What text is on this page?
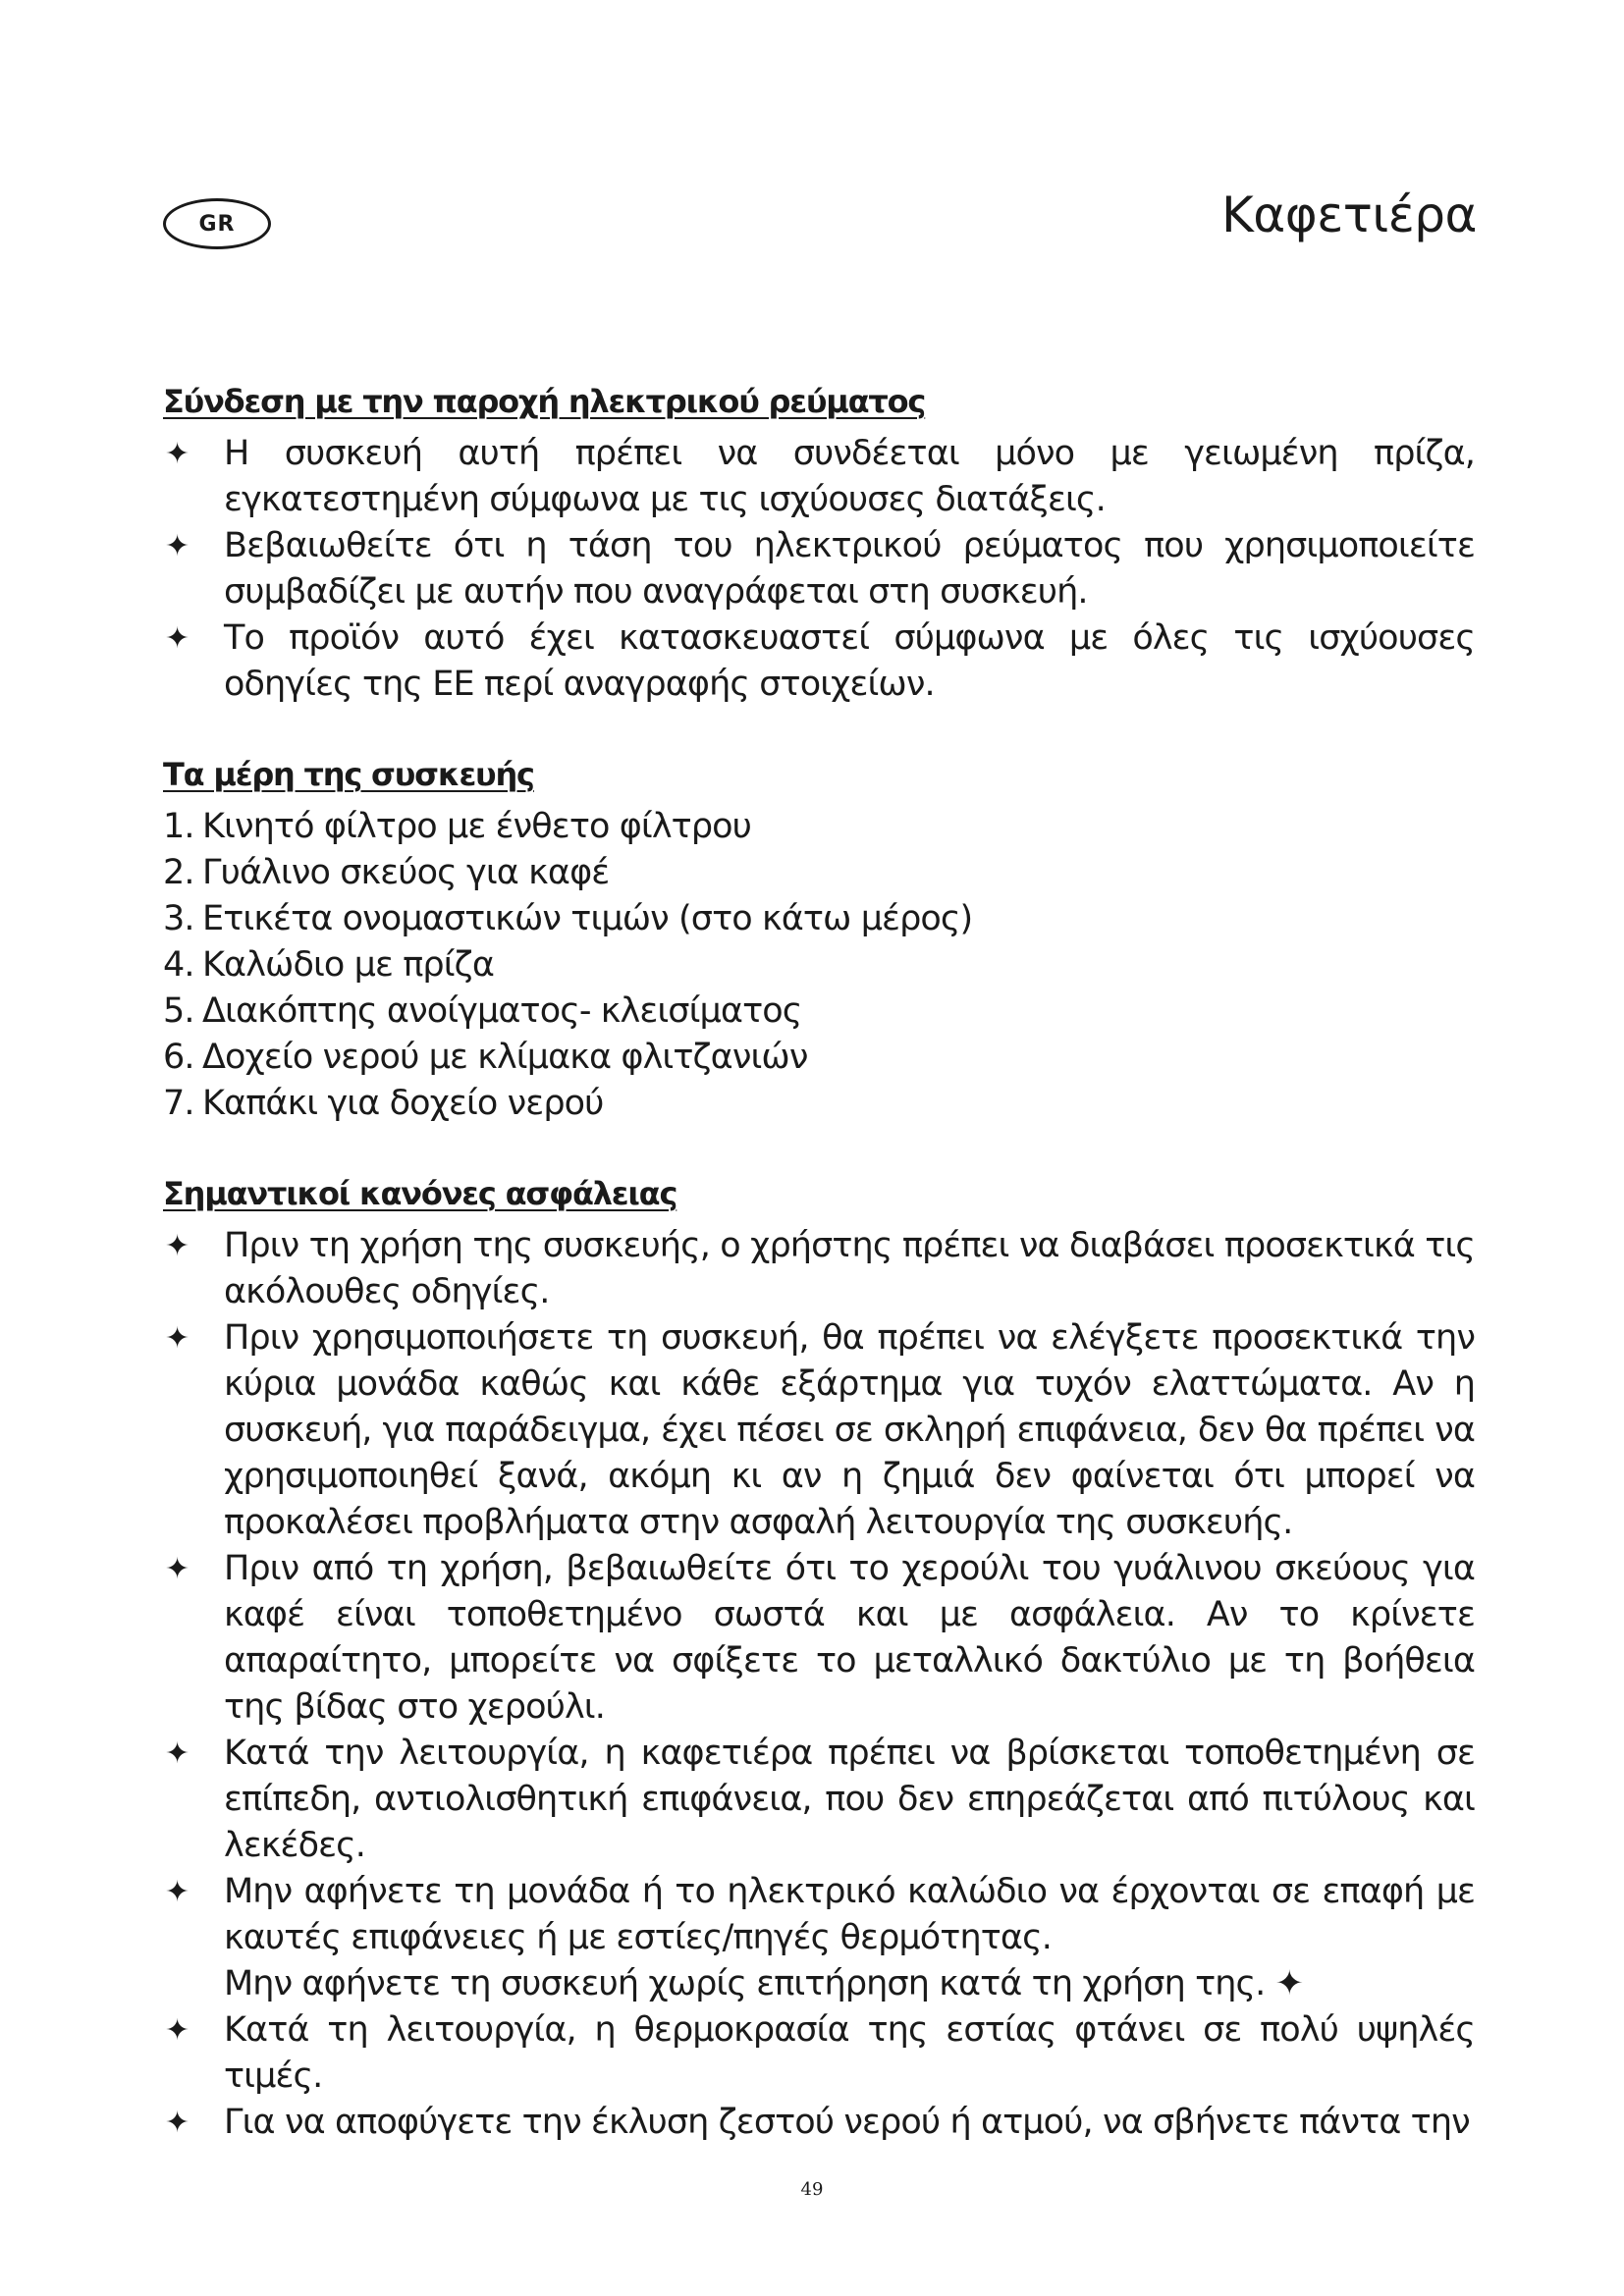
GR	Καφετιέρα
Σύνδεση με την παροχή ηλεκτρικού ρεύματος
✦ Η συσκευή αυτή πρέπει να συνδέεται μόνο με γειωμένη πρίζα, εγκατεστημένη σύμφωνα με τις ισχύουσες διατάξεις.
✦ Βεβαιωθείτε ότι η τάση του ηλεκτρικού ρεύματος που χρησιμοποιείτε συμβαδίζει με αυτήν που αναγράφεται στη συσκευή.
✦ Το προϊόν αυτό έχει κατασκευαστεί σύμφωνα με όλες τις ισχύουσες οδηγίες της ΕΕ περί αναγραφής στοιχείων.
Τα μέρη της συσκευής
1. Κινητό φίλτρο με ένθετο φίλτρου
2. Γυάλινο σκεύος για καφέ
3. Ετικέτα ονομαστικών τιμών (στο κάτω μέρος)
4. Καλώδιο με πρίζα
5. Διακόπτης ανοίγματος- κλεισίματος
6. Δοχείο νερού με κλίμακα φλιτζανιών
7. Καπάκι για δοχείο νερού
Σημαντικοί κανόνες ασφάλειας
✦ Πριν τη χρήση της συσκευής, ο χρήστης πρέπει να διαβάσει προσεκτικά τις ακόλουθες οδηγίες.
✦ Πριν χρησιμοποιήσετε τη συσκευή, θα πρέπει να ελέγξετε προσεκτικά την κύρια μονάδα καθώς και κάθε εξάρτημα για τυχόν ελαττώματα. Αν η συσκευή, για παράδειγμα, έχει πέσει σε σκληρή επιφάνεια, δεν θα πρέπει να χρησιμοποιηθεί ξανά, ακόμη κι αν η ζημιά δεν φαίνεται ότι μπορεί να προκαλέσει προβλήματα στην ασφαλή λειτουργία της συσκευής.
✦ Πριν από τη χρήση, βεβαιωθείτε ότι το χερούλι του γυάλινου σκεύους για καφέ είναι τοποθετημένο σωστά και με ασφάλεια. Αν το κρίνετε απαραίτητο, μπορείτε να σφίξετε το μεταλλικό δακτύλιο με τη βοήθεια της βίδας στο χερούλι.
✦ Κατά την λειτουργία, η καφετιέρα πρέπει να βρίσκεται τοποθετημένη σε επίπεδη, αντιολισθητική επιφάνεια, που δεν επηρεάζεται από πιτύλους και λεκέδες.
✦ Μην αφήνετε τη μονάδα ή το ηλεκτρικό καλώδιο να έρχονται σε επαφή με καυτές επιφάνειες ή με εστίες/πηγές θερμότητας.
Μην αφήνετε τη συσκευή χωρίς επιτήρηση κατά τη χρήση της. ✦
✦ Κατά τη λειτουργία, η θερμοκρασία της εστίας φτάνει σε πολύ υψηλές τιμές.
✦ Για να αποφύγετε την έκλυση ζεστού νερού ή ατμού, να σβήνετε πάντα την
49
